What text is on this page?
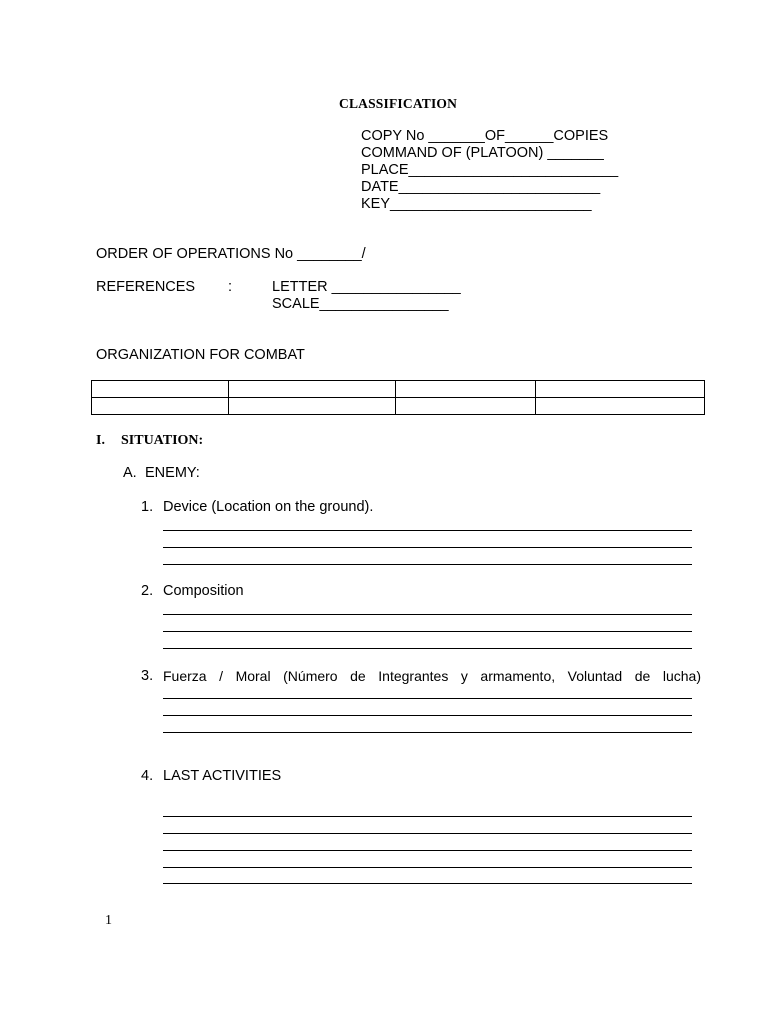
CLASSIFICATION
COPY No _______OF______COPIES
COMMAND OF (PLATOON) _______
PLACE__________________________
DATE_________________________
KEY_________________________
ORDER OF OPERATIONS No ________/
REFERENCES :	LETTER ________________
SCALE________________
ORGANIZATION FOR COMBAT

I. SITUATION:
A. ENEMY:
1. Device (Location on the ground).
2. Composition
3. Fuerza / Moral (Número de Integrantes y armamento, Voluntad de lucha)
4. LAST ACTIVITIES
1
